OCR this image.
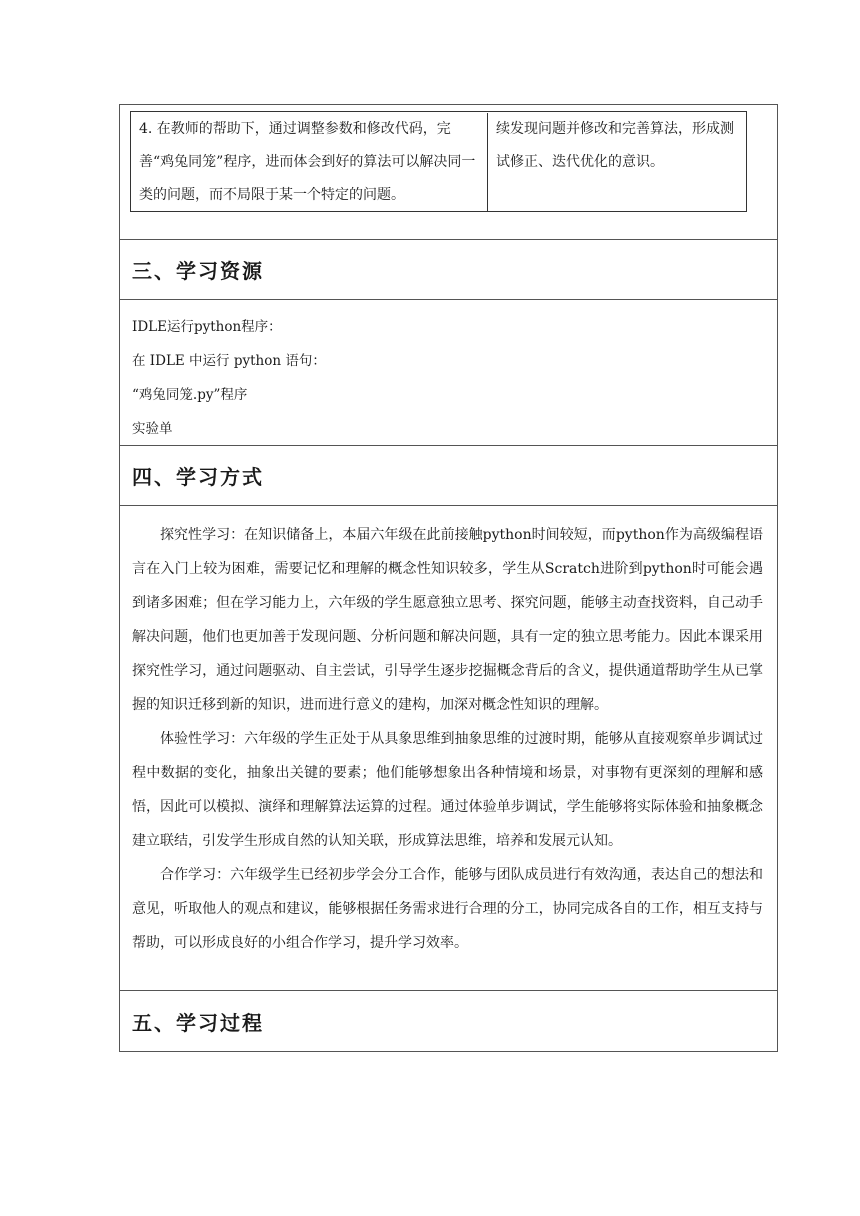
4. 在教师的帮助下，通过调整参数和修改代码，完善“鸡兔同笼”程序，进而体会到好的算法可以解决同一类的问题，而不局限于某一个特定的问题。
续发现问题并修改和完善算法，形成测试修正、迭代优化的意识。
三、学习资源
IDLE运行python程序：
在 IDLE 中运行 python 语句：
“鸡兔同笼.py”程序
实验单
四、学习方式

探究性学习：在知识储备上，本届六年级在此前接触python时间较短，而python作为高级编程语言在入门上较为困难，需要记忆和理解的概念性知识较多，学生从Scratch进阶到python时可能会遇到诸多困难；但在学习能力上，六年级的学生愿意独立思考、探究问题，能够主动查找资料，自己动手解决问题，他们也更加善于发现问题、分析问题和解决问题，具有一定的独立思考能力。因此本课采用探究性学习，通过问题驱动、自主尝试，引导学生逐步挖掘概念背后的含义，提供通道帮助学生从已掌握的知识迁移到新的知识，进而进行意义的建构，加深对概念性知识的理解。

体验性学习：六年级的学生正处于从具象思维到抽象思维的过渡时期，能够从直接观察单步调试过程中数据的变化，抽象出关键的要素；他们能够想象出各种情境和场景，对事物有更深刻的理解和感悟，因此可以模拟、演绎和理解算法运算的过程。通过体验单步调试，学生能够将实际体验和抽象概念建立联结，引发学生形成自然的认知关联，形成算法思维，培养和发展元认知。

合作学习：六年级学生已经初步学会分工合作，能够与团队成员进行有效沟通，表达自己的想法和意见，听取他人的观点和建议，能够根据任务需求进行合理的分工，协同完成各自的工作，相互支持与帮助，可以形成良好的小组合作学习，提升学习效率。

五、学习过程
